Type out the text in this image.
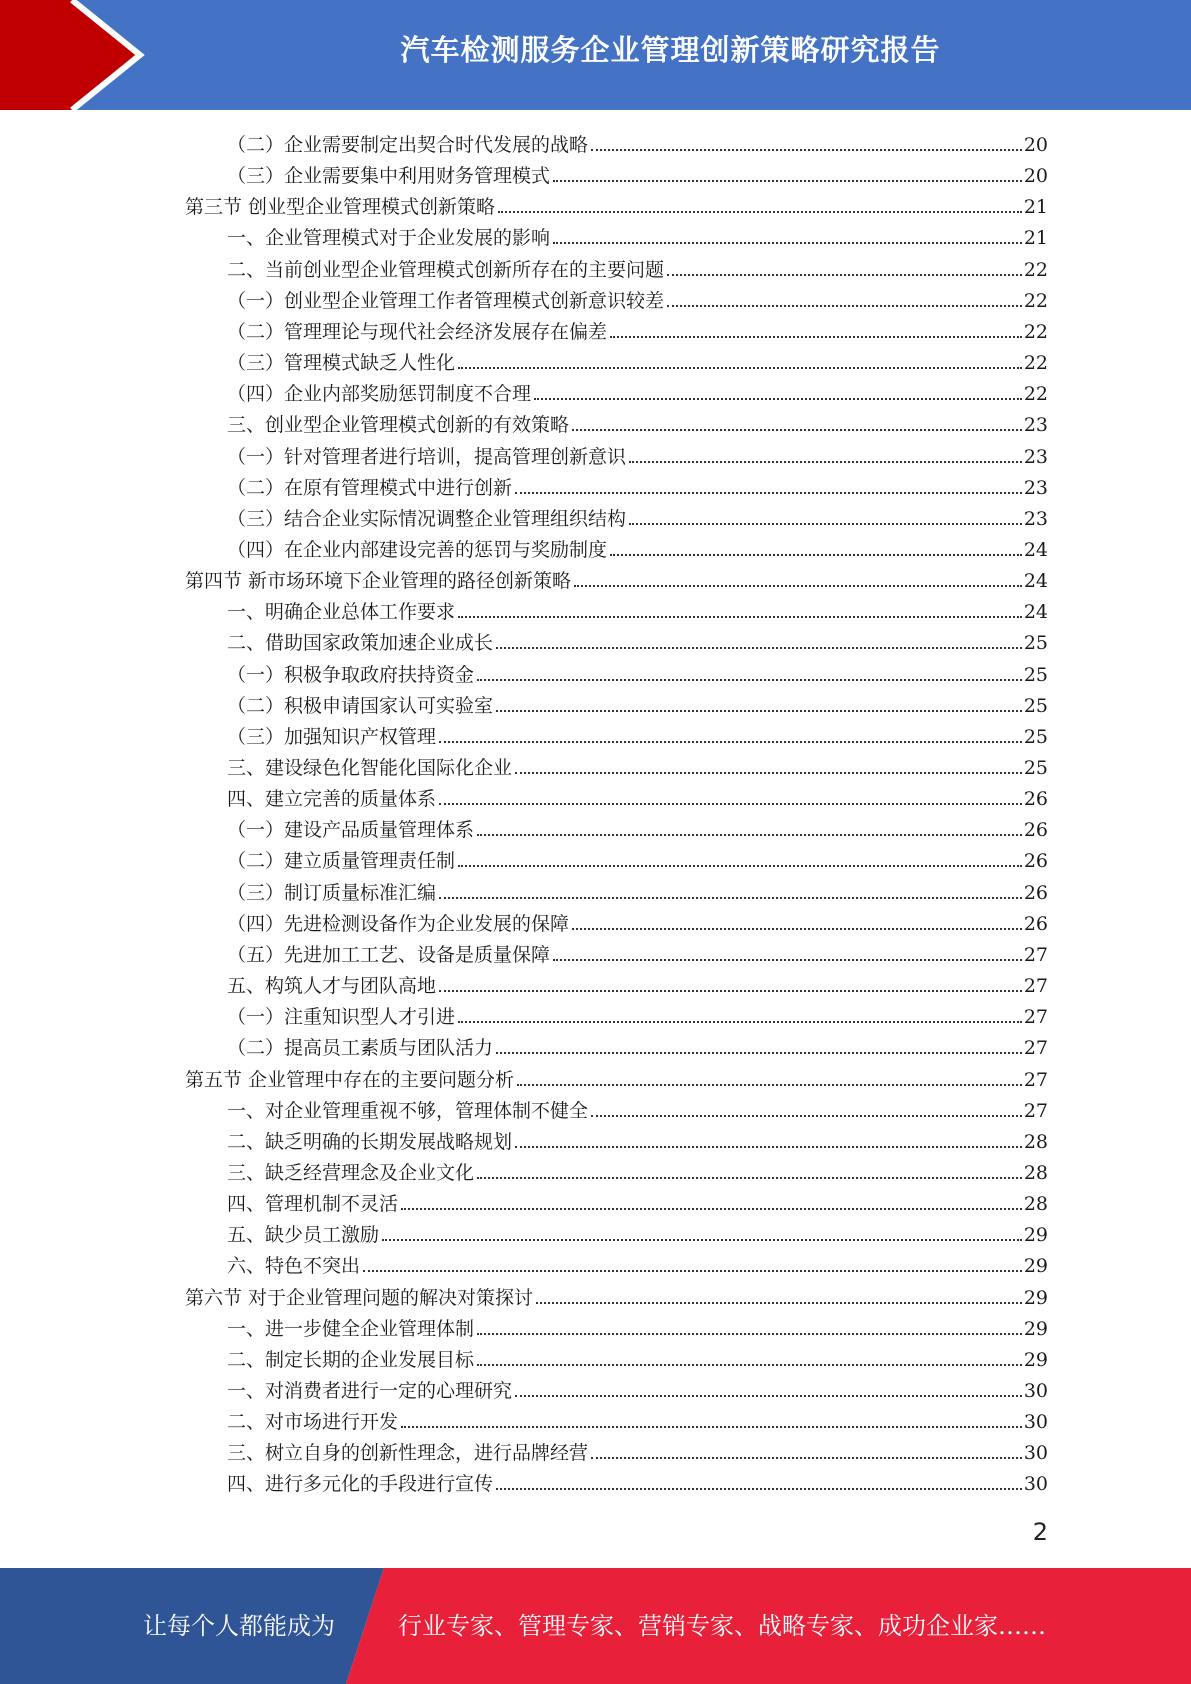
汽车检测服务企业管理创新策略研究报告
（二）企业需要制定出契合时代发展的战略	20
（三）企业需要集中利用财务管理模式	20
第三节 创业型企业管理模式创新策略	21
一、企业管理模式对于企业发展的影响	21
二、当前创业型企业管理模式创新所存在的主要问题	22
（一）创业型企业管理工作者管理模式创新意识较差	22
（二）管理理论与现代社会经济发展存在偏差	22
（三）管理模式缺乏人性化	22
（四）企业内部奖励惩罚制度不合理	22
三、创业型企业管理模式创新的有效策略	23
（一）针对管理者进行培训，提高管理创新意识	23
（二）在原有管理模式中进行创新	23
（三）结合企业实际情况调整企业管理组织结构	23
（四）在企业内部建设完善的惩罚与奖励制度	24
第四节 新市场环境下企业管理的路径创新策略	24
一、明确企业总体工作要求	24
二、借助国家政策加速企业成长	25
（一）积极争取政府扶持资金	25
（二）积极申请国家认可实验室	25
（三）加强知识产权管理	25
三、建设绿色化智能化国际化企业	25
四、建立完善的质量体系	26
（一）建设产品质量管理体系	26
（二）建立质量管理责任制	26
（三）制订质量标准汇编	26
（四）先进检测设备作为企业发展的保障	26
（五）先进加工工艺、设备是质量保障	27
五、构筑人才与团队高地	27
（一）注重知识型人才引进	27
（二）提高员工素质与团队活力	27
第五节 企业管理中存在的主要问题分析	27
一、对企业管理重视不够，管理体制不健全	27
二、缺乏明确的长期发展战略规划	28
三、缺乏经营理念及企业文化	28
四、管理机制不灵活	28
五、缺少员工激励	29
六、特色不突出	29
第六节 对于企业管理问题的解决对策探讨	29
一、进一步健全企业管理体制	29
二、制定长期的企业发展目标	29
一、对消费者进行一定的心理研究	30
二、对市场进行开发	30
三、树立自身的创新性理念，进行品牌经营	30
四、进行多元化的手段进行宣传	30
2
让每个人都能成为	行业专家、管理专家、营销专家、战略专家、成功企业家……
